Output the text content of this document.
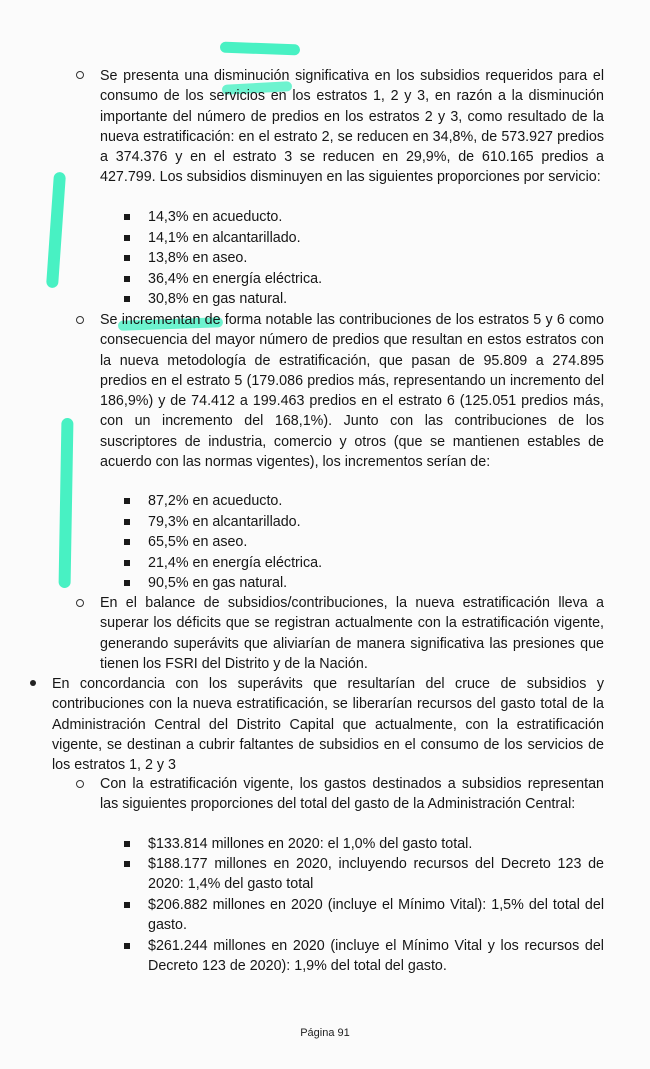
Se presenta una disminución significativa en los subsidios requeridos para el consumo de los servicios en los estratos 1, 2 y 3, en razón a la disminución importante del número de predios en los estratos 2 y 3, como resultado de la nueva estratificación: en el estrato 2, se reducen en 34,8%, de 573.927 predios a 374.376 y en el estrato 3 se reducen en 29,9%, de 610.165 predios a 427.799. Los subsidios disminuyen en las siguientes proporciones por servicio:

14,3% en acueducto.
14,1% en alcantarillado.
13,8% en aseo.
36,4% en energía eléctrica.
30,8% en gas natural.

Se incrementan de forma notable las contribuciones de los estratos 5 y 6 como consecuencia del mayor número de predios que resultan en estos estratos con la nueva metodología de estratificación, que pasan de 95.809 a 274.895 predios en el estrato 5 (179.086 predios más, representando un incremento del 186,9%) y de 74.412 a 199.463 predios en el estrato 6 (125.051 predios más, con un incremento del 168,1%). Junto con las contribuciones de los suscriptores de industria, comercio y otros (que se mantienen estables de acuerdo con las normas vigentes), los incrementos serían de:

87,2% en acueducto.
79,3% en alcantarillado.
65,5% en aseo.
21,4% en energía eléctrica.
90,5% en gas natural.

En el balance de subsidios/contribuciones, la nueva estratificación lleva a superar los déficits que se registran actualmente con la estratificación vigente, generando superávits que aliviarían de manera significativa las presiones que tienen los FSRI del Distrito y de la Nación.

En concordancia con los superávits que resultarían del cruce de subsidios y contribuciones con la nueva estratificación, se liberarían recursos del gasto total de la Administración Central del Distrito Capital que actualmente, con la estratificación vigente, se destinan a cubrir faltantes de subsidios en el consumo de los servicios de los estratos 1, 2 y 3

Con la estratificación vigente, los gastos destinados a subsidios representan las siguientes proporciones del total del gasto de la Administración Central:

$133.814 millones en 2020: el 1,0% del gasto total.

$188.177 millones en 2020, incluyendo recursos del Decreto 123 de 2020: 1,4% del gasto total

$206.882 millones en 2020 (incluye el Mínimo Vital): 1,5% del total del gasto.

$261.244 millones en 2020 (incluye el Mínimo Vital y los recursos del Decreto 123 de 2020): 1,9% del total del gasto.

Página 91
